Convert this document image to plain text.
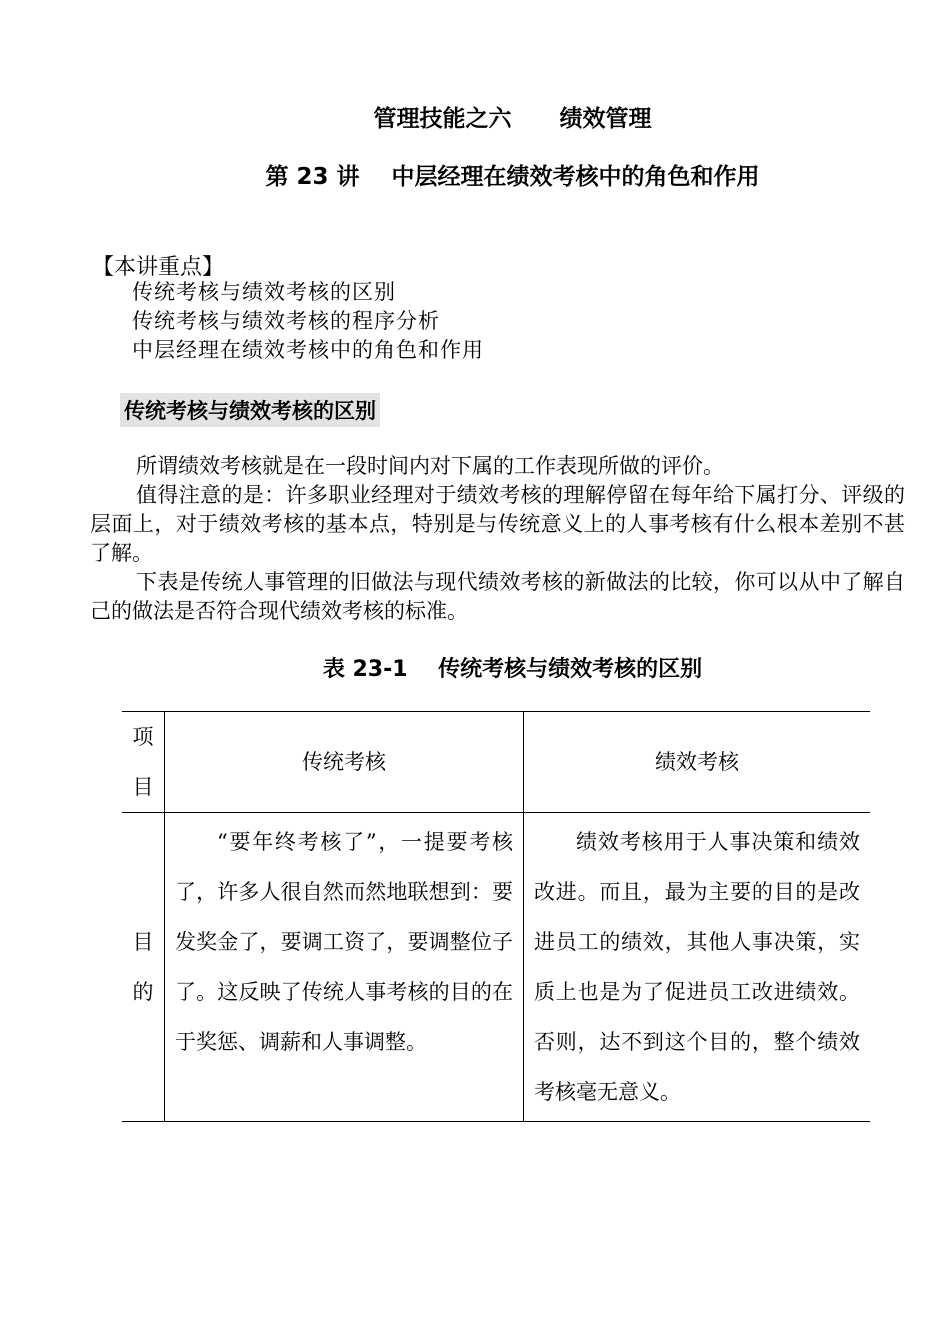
管理技能之六      绩效管理
第 23 讲    中层经理在绩效考核中的角色和作用
【本讲重点】
传统考核与绩效考核的区别
传统考核与绩效考核的程序分析
中层经理在绩效考核中的角色和作用
传统考核与绩效考核的区别

所谓绩效考核就是在一段时间内对下属的工作表现所做的评价。

值得注意的是：许多职业经理对于绩效考核的理解停留在每年给下属打分、评级的层面上，对于绩效考核的基本点，特别是与传统意义上的人事考核有什么根本差别不甚了解。

下表是传统人事管理的旧做法与现代绩效考核的新做法的比较，你可以从中了解自己的做法是否符合现代绩效考核的标准。

表 23-1    传统考核与绩效考核的区别
项目	传统考核	绩效考核

目的	“要年终考核了”，一提要考核了，许多人很自然而然地联想到：要发奖金了，要调工资了，要调整位子了。这反映了传统人事考核的目的在于奖惩、调薪和人事调整。	绩效考核用于人事决策和绩效改进。而且，最为主要的目的是改进员工的绩效，其他人事决策，实质上也是为了促进员工改进绩效。否则，达不到这个目的，整个绩效考核毫无意义。
